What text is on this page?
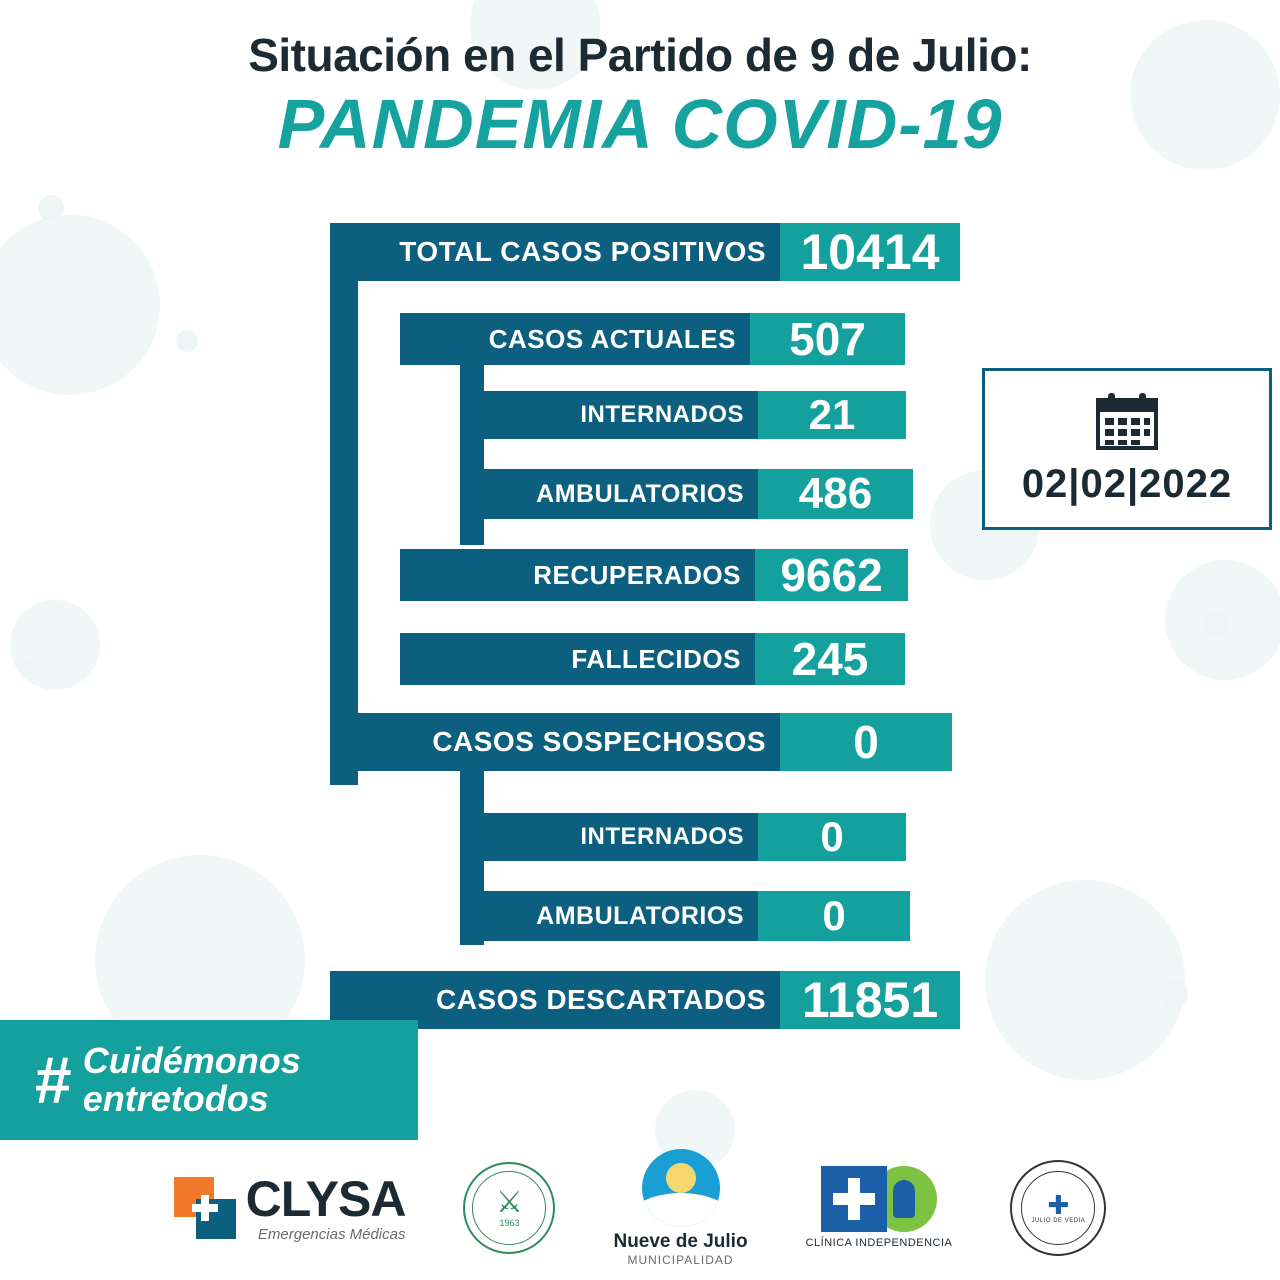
Situación en el Partido de 9 de Julio:
PANDEMIA COVID-19
TOTAL CASOS POSITIVOS 10414
CASOS ACTUALES	507
INTERNADOS	21
AMBULATORIOS	486
RECUPERADOS 9662
FALLECIDOS	245
CASOS SOSPECHOSOS	0
INTERNADOS	0
AMBULATORIOS	0
CASOS DESCARTADOS 11851
02|02|2022
# Cuidémonos
entretodos
CLYSA
Emergencias Médicas
⚔
1963
Nueve de Julio
MUNICIPALIDAD
CLÍNICA INDEPENDENCIA
✚
JULIO DE VEDIA
